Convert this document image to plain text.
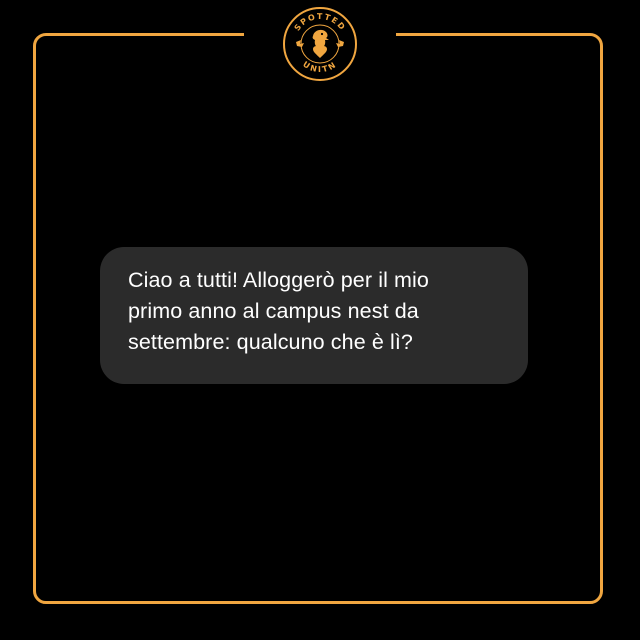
SPOTTED
UNITN

Ciao a tutti! Alloggerò per il mio
primo anno al campus nest da
settembre: qualcuno che è lì?
